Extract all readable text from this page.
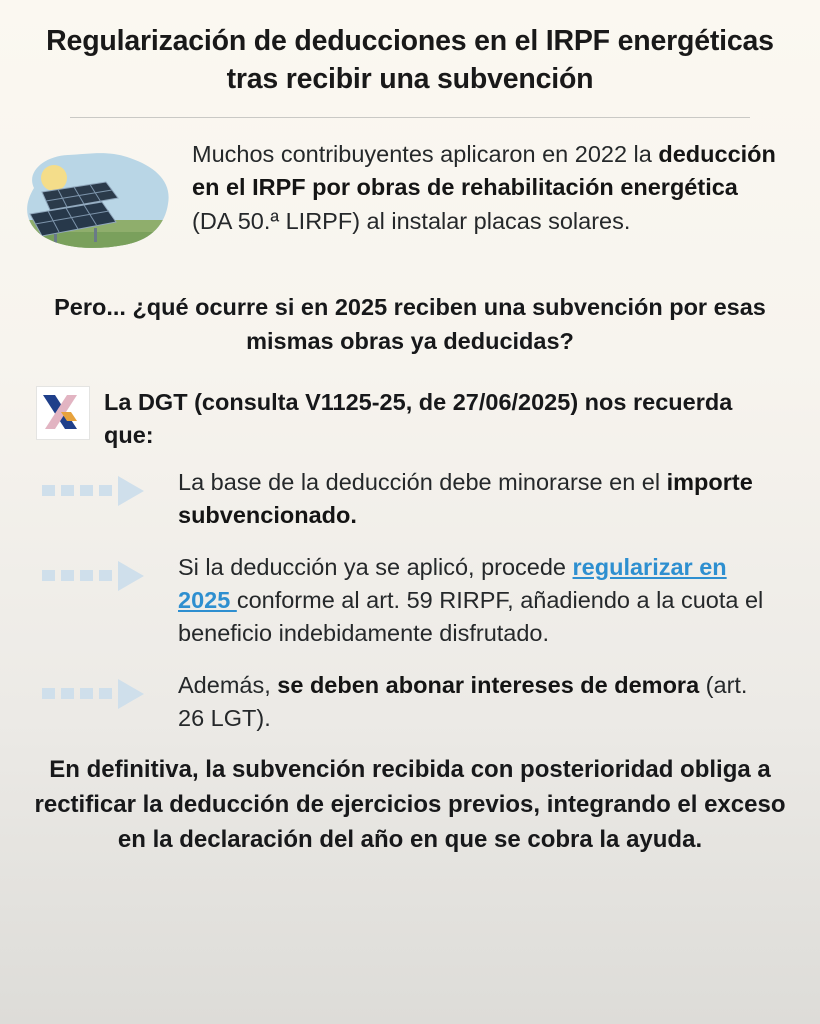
Regularización de deducciones en el IRPF energéticas tras recibir una subvención
Muchos contribuyentes aplicaron en 2022 la deducción en el IRPF por obras de rehabilitación energética (DA 50.ª LIRPF) al instalar placas solares.
Pero... ¿qué ocurre si en 2025 reciben una subvención por esas mismas obras ya deducidas?
La DGT (consulta V1125-25, de 27/06/2025) nos recuerda que:
La base de la deducción debe minorarse en el importe subvencionado.
Si la deducción ya se aplicó, procede regularizar en 2025 conforme al art. 59 RIRPF, añadiendo a la cuota el beneficio indebidamente disfrutado.
Además, se deben abonar intereses de demora (art. 26 LGT).
En definitiva, la subvención recibida con posterioridad obliga a rectificar la deducción de ejercicios previos, integrando el exceso en la declaración del año en que se cobra la ayuda.
